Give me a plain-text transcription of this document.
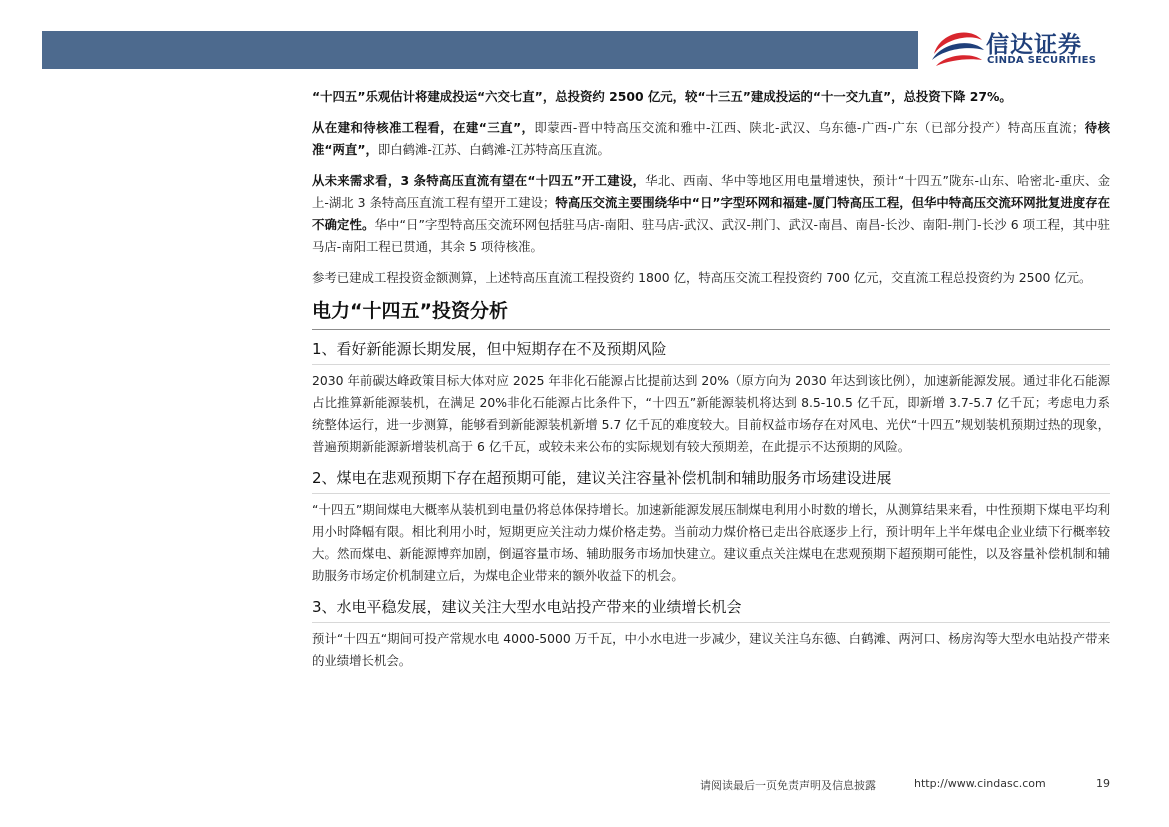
信达证券
CINDA SECURITIES

“十四五”乐观估计将建成投运“六交七直”，总投资约 2500 亿元，较“十三五”建成投运的“十一交九直”，总投资下降 27%。

从在建和待核准工程看，在建“三直”，即蒙西-晋中特高压交流和雅中-江西、陕北-武汉、乌东德-广西-广东（已部分投产）特高压直流；待核准“两直”，即白鹤滩-江苏、白鹤滩-江苏特高压直流。

从未来需求看，3 条特高压直流有望在“十四五”开工建设，华北、西南、华中等地区用电量增速快，预计“十四五”陇东-山东、哈密北-重庆、金上-湖北 3 条特高压直流工程有望开工建设；特高压交流主要围绕华中“日”字型环网和福建-厦门特高压工程，但华中特高压交流环网批复进度存在不确定性。华中“日”字型特高压交流环网包括驻马店-南阳、驻马店-武汉、武汉-荆门、武汉-南昌、南昌-长沙、南阳-荆门-长沙 6 项工程，其中驻马店-南阳工程已贯通，其余 5 项待核准。

参考已建成工程投资金额测算，上述特高压直流工程投资约 1800 亿，特高压交流工程投资约 700 亿元，交直流工程总投资约为 2500 亿元。

电力“十四五”投资分析
1、看好新能源长期发展，但中短期存在不及预期风险

2030 年前碳达峰政策目标大体对应 2025 年非化石能源占比提前达到 20%（原方向为 2030 年达到该比例），加速新能源发展。通过非化石能源占比推算新能源装机，在满足 20%非化石能源占比条件下，“十四五”新能源装机将达到 8.5-10.5 亿千瓦，即新增 3.7-5.7 亿千瓦；考虑电力系统整体运行，进一步测算，能够看到新能源装机新增 5.7 亿千瓦的难度较大。目前权益市场存在对风电、光伏“十四五”规划装机预期过热的现象，普遍预期新能源新增装机高于 6 亿千瓦，或较未来公布的实际规划有较大预期差，在此提示不达预期的风险。

2、煤电在悲观预期下存在超预期可能，建议关注容量补偿机制和辅助服务市场建设进展

“十四五”期间煤电大概率从装机到电量仍将总体保持增长。加速新能源发展压制煤电利用小时数的增长，从测算结果来看，中性预期下煤电平均利用小时降幅有限。相比利用小时，短期更应关注动力煤价格走势。当前动力煤价格已走出谷底逐步上行，预计明年上半年煤电企业业绩下行概率较大。然而煤电、新能源博弈加剧，倒逼容量市场、辅助服务市场加快建立。建议重点关注煤电在悲观预期下超预期可能性，以及容量补偿机制和辅助服务市场定价机制建立后，为煤电企业带来的额外收益下的机会。

3、水电平稳发展，建议关注大型水电站投产带来的业绩增长机会

预计“十四五“期间可投产常规水电 4000-5000 万千瓦，中小水电进一步减少，建议关注乌东德、白鹤滩、两河口、杨房沟等大型水电站投产带来的业绩增长机会。

请阅读最后一页免责声明及信息披露	http://www.cindasc.com	19
